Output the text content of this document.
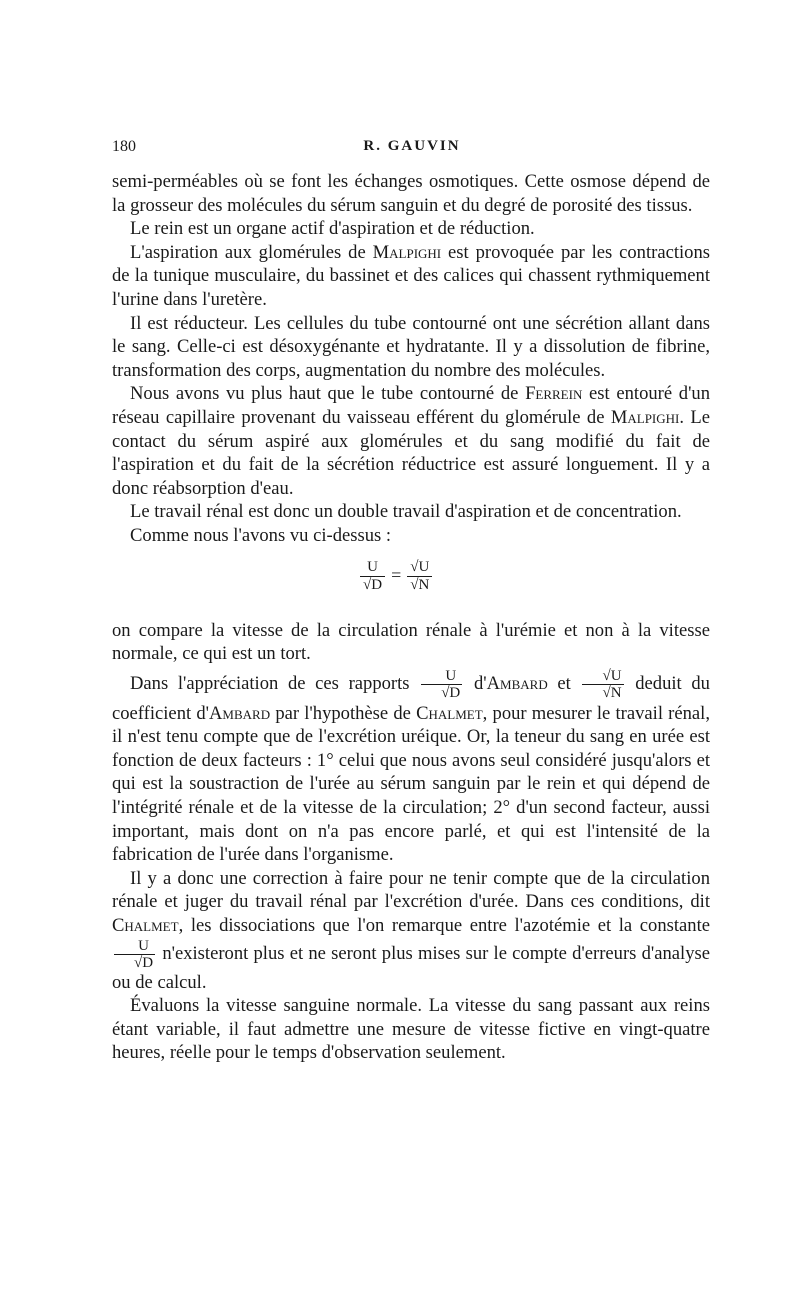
180	R. GAUVIN

semi-perméables où se font les échanges osmotiques. Cette osmose dépend de la grosseur des molécules du sérum sanguin et du degré de porosité des tissus.

Le rein est un organe actif d'aspiration et de réduction.

L'aspiration aux glomérules de Malpighi est provoquée par les contractions de la tunique musculaire, du bassinet et des calices qui chassent rythmiquement l'urine dans l'uretère.

Il est réducteur. Les cellules du tube contourné ont une sécrétion allant dans le sang. Celle-ci est désoxygénante et hydratante. Il y a dissolution de fibrine, transformation des corps, augmentation du nombre des molécules.

Nous avons vu plus haut que le tube contourné de Ferrein est entouré d'un réseau capillaire provenant du vaisseau efférent du glomérule de Malpighi. Le contact du sérum aspiré aux glomérules et du sang modifié du fait de l'aspiration et du fait de la sécrétion réductrice est assuré longuement. Il y a donc réabsorption d'eau.

Le travail rénal est donc un double travail d'aspiration et de concentration.

Comme nous l'avons vu ci-dessus :

$\frac{U}{√D} = \frac{√U}{√N}$

on compare la vitesse de la circulation rénale à l'urémie et non à la vitesse normale, ce qui est un tort.

Dans l'appréciation de ces rapports $\frac{U}{√D}$ d'Ambard et $\frac{√U}{√N}$ deduit du coefficient d'Ambard par l'hypothèse de Chalmet, pour mesurer le travail rénal, il n'est tenu compte que de l'excrétion uréique. Or, la teneur du sang en urée est fonction de deux facteurs : 1° celui que nous avons seul considéré jusqu'alors et qui est la soustraction de l'urée au sérum sanguin par le rein et qui dépend de l'intégrité rénale et de la vitesse de la circulation; 2° d'un second facteur, aussi important, mais dont on n'a pas encore parlé, et qui est l'intensité de la fabrication de l'urée dans l'organisme.

Il y a donc une correction à faire pour ne tenir compte que de la circulation rénale et juger du travail rénal par l'excrétion d'urée. Dans ces conditions, dit Chalmet, les dissociations que l'on remarque entre l'azotémie et la constante
$\frac{U}{√D}$ n'existeront plus et ne seront plus mises sur le compte d'erreurs d'analyse ou de calcul.

Évaluons la vitesse sanguine normale. La vitesse du sang passant aux reins étant variable, il faut admettre une mesure de vitesse fictive en vingt-quatre heures, réelle pour le temps d'observation seulement.
